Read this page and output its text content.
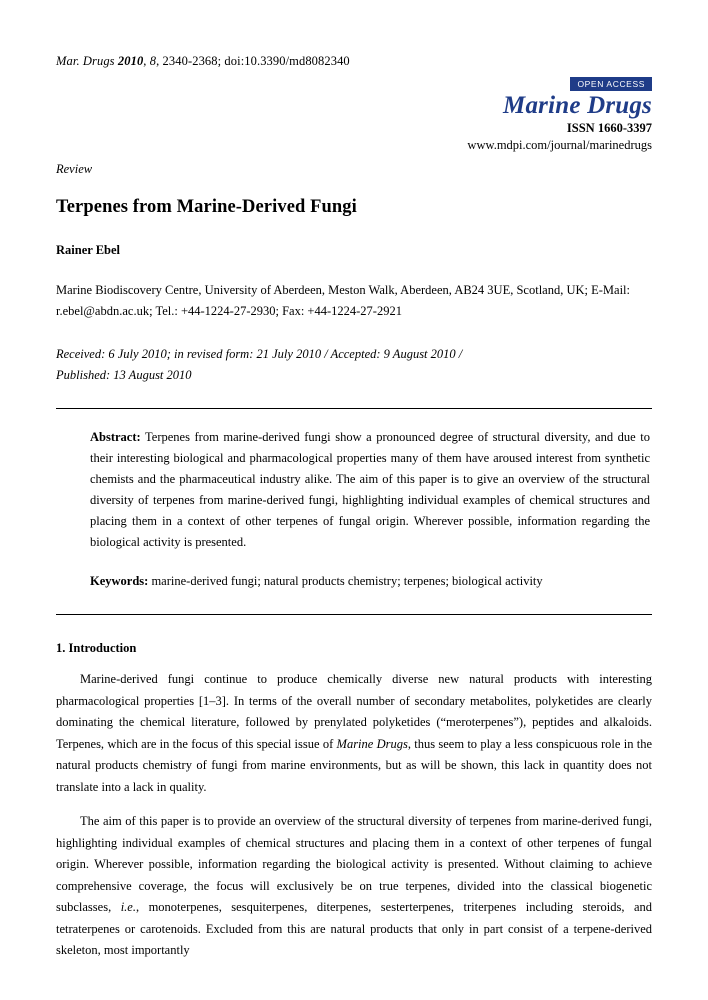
Mar. Drugs 2010, 8, 2340-2368; doi:10.3390/md8082340
OPEN ACCESS
Marine Drugs
ISSN 1660-3397
www.mdpi.com/journal/marinedrugs
Review
Terpenes from Marine-Derived Fungi
Rainer Ebel
Marine Biodiscovery Centre, University of Aberdeen, Meston Walk, Aberdeen, AB24 3UE, Scotland, UK; E-Mail: r.ebel@abdn.ac.uk; Tel.: +44-1224-27-2930; Fax: +44-1224-27-2921
Received: 6 July 2010; in revised form: 21 July 2010 / Accepted: 9 August 2010 /
Published: 13 August 2010

Abstract: Terpenes from marine-derived fungi show a pronounced degree of structural diversity, and due to their interesting biological and pharmacological properties many of them have aroused interest from synthetic chemists and the pharmaceutical industry alike. The aim of this paper is to give an overview of the structural diversity of terpenes from marine-derived fungi, highlighting individual examples of chemical structures and placing them in a context of other terpenes of fungal origin. Wherever possible, information regarding the biological activity is presented.

Keywords: marine-derived fungi; natural products chemistry; terpenes; biological activity

1. Introduction

Marine-derived fungi continue to produce chemically diverse new natural products with interesting pharmacological properties [1–3]. In terms of the overall number of secondary metabolites, polyketides are clearly dominating the chemical literature, followed by prenylated polyketides (“meroterpenes”), peptides and alkaloids. Terpenes, which are in the focus of this special issue of Marine Drugs, thus seem to play a less conspicuous role in the natural products chemistry of fungi from marine environments, but as will be shown, this lack in quantity does not translate into a lack in quality.

The aim of this paper is to provide an overview of the structural diversity of terpenes from marine-derived fungi, highlighting individual examples of chemical structures and placing them in a context of other terpenes of fungal origin. Wherever possible, information regarding the biological activity is presented. Without claiming to achieve comprehensive coverage, the focus will exclusively be on true terpenes, divided into the classical biogenetic subclasses, i.e., monoterpenes, sesquiterpenes, diterpenes, sesterterpenes, triterpenes including steroids, and tetraterpenes or carotenoids. Excluded from this are natural products that only in part consist of a terpene-derived skeleton, most importantly
